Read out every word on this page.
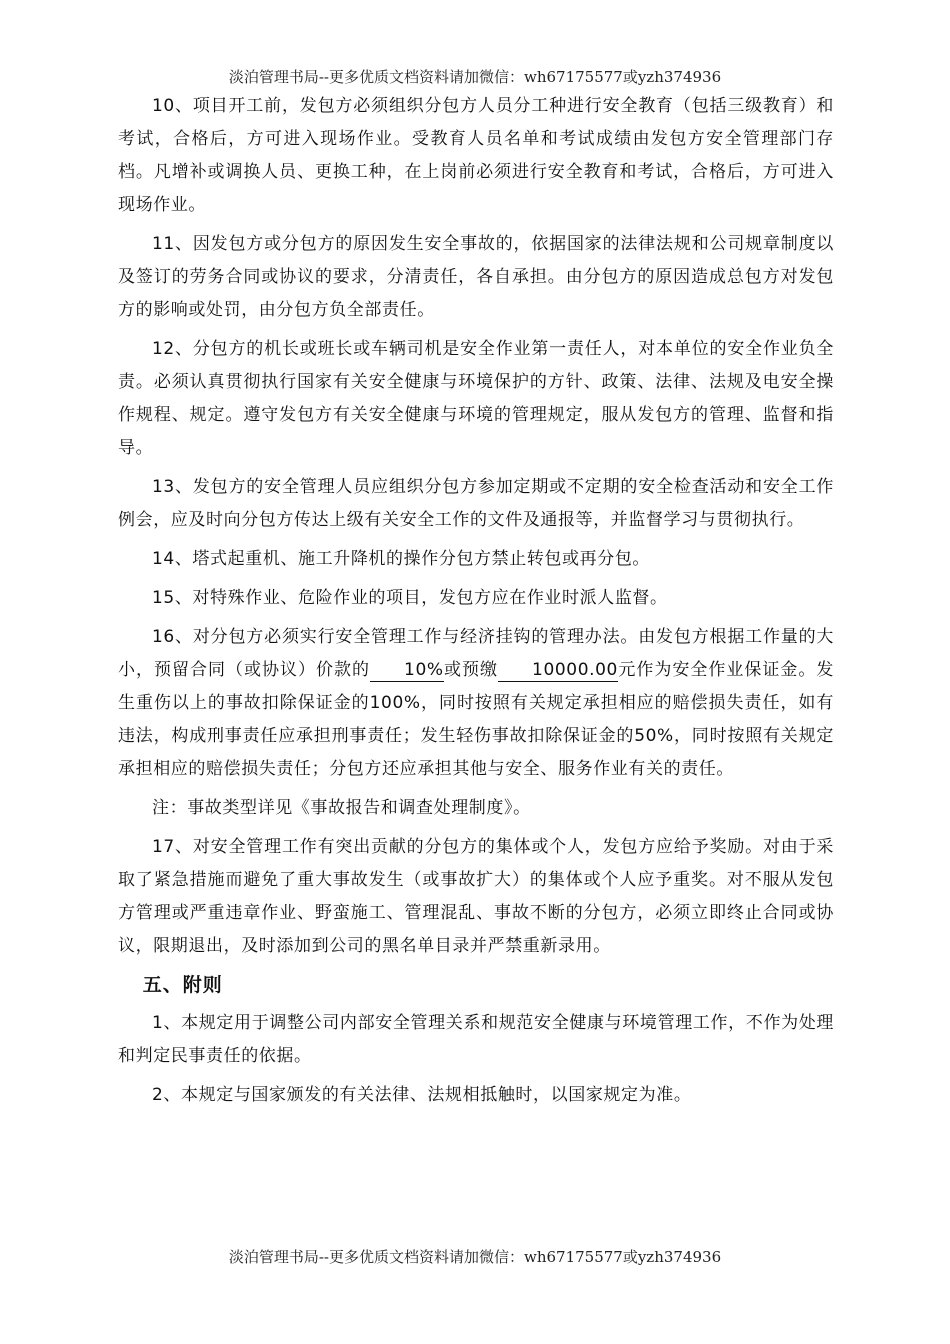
淡泊管理书局--更多优质文档资料请加微信：wh67175577或yzh374936

10、项目开工前，发包方必须组织分包方人员分工种进行安全教育（包括三级教育）和考试，合格后，方可进入现场作业。受教育人员名单和考试成绩由发包方安全管理部门存档。凡增补或调换人员、更换工种，在上岗前必须进行安全教育和考试，合格后，方可进入现场作业。

11、因发包方或分包方的原因发生安全事故的，依据国家的法律法规和公司规章制度以及签订的劳务合同或协议的要求，分清责任，各自承担。由分包方的原因造成总包方对发包方的影响或处罚，由分包方负全部责任。

12、分包方的机长或班长或车辆司机是安全作业第一责任人，对本单位的安全作业负全责。必须认真贯彻执行国家有关安全健康与环境保护的方针、政策、法律、法规及电安全操作规程、规定。遵守发包方有关安全健康与环境的管理规定，服从发包方的管理、监督和指导。

13、发包方的安全管理人员应组织分包方参加定期或不定期的安全检查活动和安全工作例会，应及时向分包方传达上级有关安全工作的文件及通报等，并监督学习与贯彻执行。

14、塔式起重机、施工升降机的操作分包方禁止转包或再分包。

15、对特殊作业、危险作业的项目，发包方应在作业时派人监督。

16、对分包方必须实行安全管理工作与经济挂钩的管理办法。由发包方根据工作量的大小，预留合同（或协议）价款的 10%或预缴 10000.00元作为安全作业保证金。发生重伤以上的事故扣除保证金的100%，同时按照有关规定承担相应的赔偿损失责任，如有违法，构成刑事责任应承担刑事责任；发生轻伤事故扣除保证金的50%，同时按照有关规定承担相应的赔偿损失责任；分包方还应承担其他与安全、服务作业有关的责任。

注：事故类型详见《事故报告和调查处理制度》。

17、对安全管理工作有突出贡献的分包方的集体或个人，发包方应给予奖励。对由于采取了紧急措施而避免了重大事故发生（或事故扩大）的集体或个人应予重奖。对不服从发包方管理或严重违章作业、野蛮施工、管理混乱、事故不断的分包方，必须立即终止合同或协议，限期退出，及时添加到公司的黑名单目录并严禁重新录用。

五、附则

1、本规定用于调整公司内部安全管理关系和规范安全健康与环境管理工作，不作为处理和判定民事责任的依据。

2、本规定与国家颁发的有关法律、法规相抵触时，以国家规定为准。

淡泊管理书局--更多优质文档资料请加微信：wh67175577或yzh374936
